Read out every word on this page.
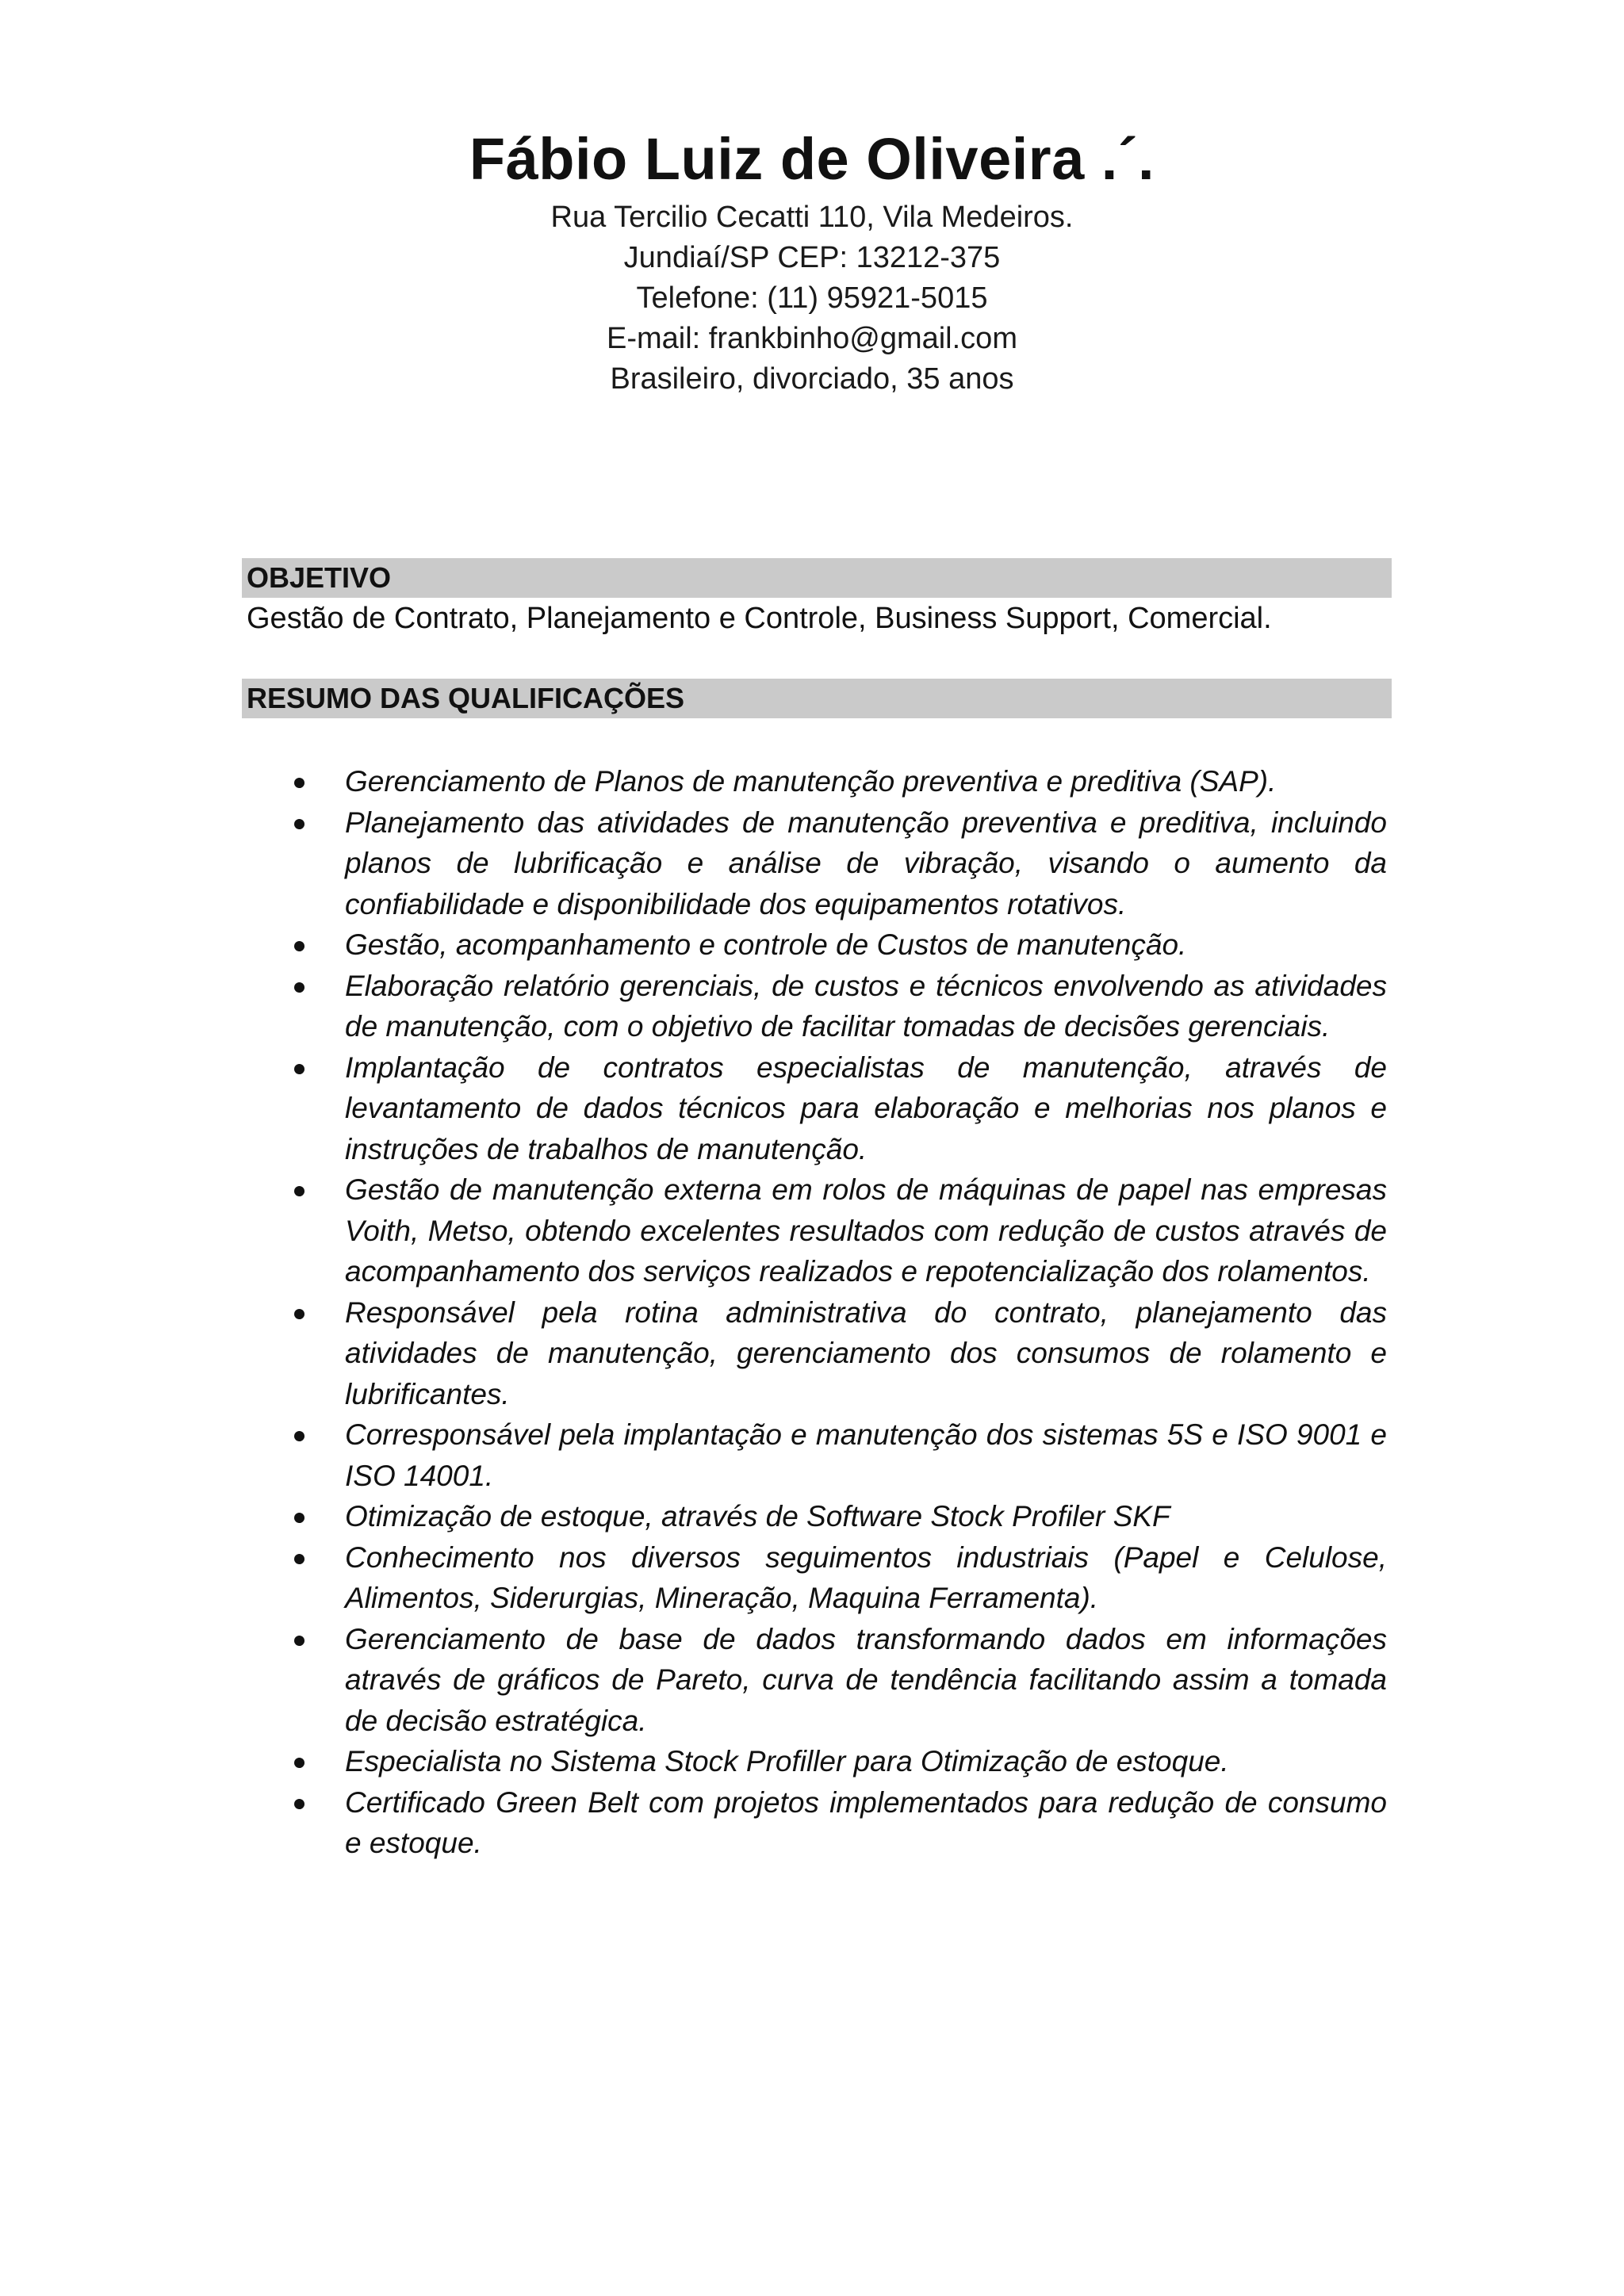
Fábio Luiz de Oliveira .´.
Rua Tercilio Cecatti 110, Vila Medeiros.
Jundiaí/SP CEP: 13212-375
Telefone: (11) 95921-5015
E-mail: frankbinho@gmail.com
Brasileiro, divorciado, 35 anos
OBJETIVO
Gestão de Contrato, Planejamento e Controle, Business Support, Comercial.
RESUMO DAS QUALIFICAÇÕES
Gerenciamento de Planos de manutenção preventiva e preditiva (SAP).
Planejamento das atividades de manutenção preventiva e preditiva, incluindo planos de lubrificação e análise de vibração, visando o aumento da confiabilidade e disponibilidade dos equipamentos rotativos.
Gestão, acompanhamento e controle de Custos de manutenção.
Elaboração relatório gerenciais, de custos e técnicos envolvendo as atividades de manutenção, com o objetivo de facilitar tomadas de decisões gerenciais.
Implantação de contratos especialistas de manutenção, através de levantamento de dados técnicos para elaboração e melhorias nos planos e instruções de trabalhos de manutenção.
Gestão de manutenção externa em rolos de máquinas de papel nas empresas Voith, Metso, obtendo excelentes resultados com redução de custos através de acompanhamento dos serviços realizados e repotencialização dos rolamentos.
Responsável pela rotina administrativa do contrato, planejamento das atividades de manutenção, gerenciamento dos consumos de rolamento e lubrificantes.
Corresponsável pela implantação e manutenção dos sistemas 5S e ISO 9001 e ISO 14001.
Otimização de estoque, através de Software Stock Profiler SKF
Conhecimento nos diversos seguimentos industriais (Papel e Celulose, Alimentos, Siderurgias, Mineração, Maquina Ferramenta).
Gerenciamento de base de dados transformando dados em informações através de gráficos de Pareto, curva de tendência facilitando assim a tomada de decisão estratégica.
Especialista no Sistema Stock Profiller para Otimização de estoque.
Certificado Green Belt com projetos implementados para redução de consumo e estoque.
